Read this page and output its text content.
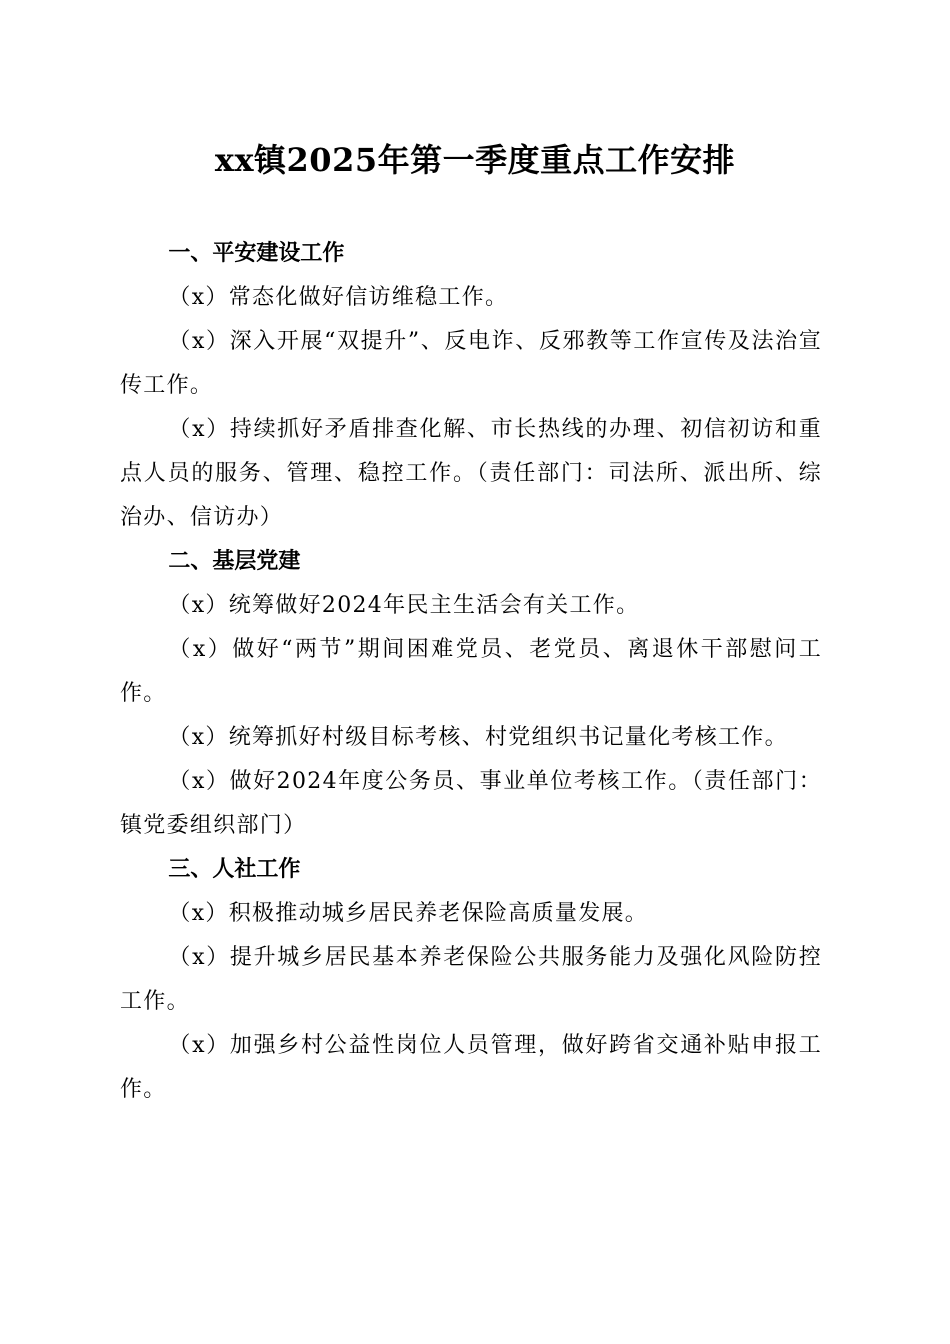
xx镇2025年第一季度重点工作安排

一、平安建设工作

（x）常态化做好信访维稳工作。

（x）深入开展“双提升”、反电诈、反邪教等工作宣传及法治宣传工作。

（x）持续抓好矛盾排查化解、市长热线的办理、初信初访和重点人员的服务、管理、稳控工作。（责任部门：司法所、派出所、综治办、信访办）

二、基层党建

（x）统筹做好2024年民主生活会有关工作。

（x）做好“两节”期间困难党员、老党员、离退休干部慰问工作。

（x）统筹抓好村级目标考核、村党组织书记量化考核工作。

（x）做好2024年度公务员、事业单位考核工作。（责任部门：镇党委组织部门）

三、人社工作

（x）积极推动城乡居民养老保险高质量发展。

（x）提升城乡居民基本养老保险公共服务能力及强化风险防控工作。

（x）加强乡村公益性岗位人员管理，做好跨省交通补贴申报工作。
